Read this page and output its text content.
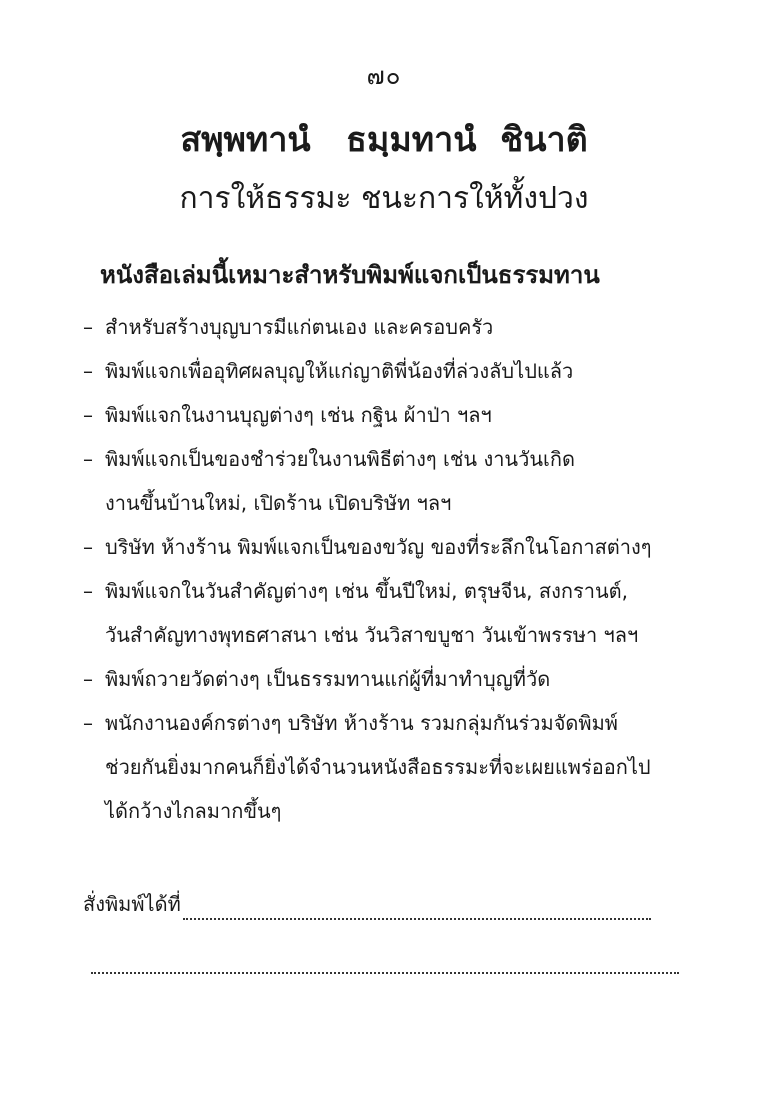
๗๐
สพฺพทานํ   ธมฺมทานํ  ชินาติ
การให้ธรรมะ ชนะการให้ทั้งปวง
หนังสือเล่มนี้เหมาะสำหรับพิมพ์แจกเป็นธรรมทาน
– สำหรับสร้างบุญบารมีแก่ตนเอง และครอบครัว
– พิมพ์แจกเพื่ออุทิศผลบุญให้แก่ญาติพี่น้องที่ล่วงลับไปแล้ว
– พิมพ์แจกในงานบุญต่างๆ เช่น กฐิน ผ้าป่า ฯลฯ
– พิมพ์แจกเป็นของชำร่วยในงานพิธีต่างๆ เช่น งานวันเกิด
งานขึ้นบ้านใหม่, เปิดร้าน เปิดบริษัท ฯลฯ
– บริษัท ห้างร้าน พิมพ์แจกเป็นของขวัญ ของที่ระลึกในโอกาสต่างๆ
– พิมพ์แจกในวันสำคัญต่างๆ เช่น ขึ้นปีใหม่, ตรุษจีน, สงกรานต์,
วันสำคัญทางพุทธศาสนา เช่น วันวิสาขบูชา วันเข้าพรรษา ฯลฯ
– พิมพ์ถวายวัดต่างๆ เป็นธรรมทานแก่ผู้ที่มาทำบุญที่วัด
– พนักงานองค์กรต่างๆ บริษัท ห้างร้าน รวมกลุ่มกันร่วมจัดพิมพ์
ช่วยกันยิ่งมากคนก็ยิ่งได้จำนวนหนังสือธรรมะที่จะเผยแพร่ออกไป
ได้กว้างไกลมากขึ้นๆ
สั่งพิมพ์ได้ที่
